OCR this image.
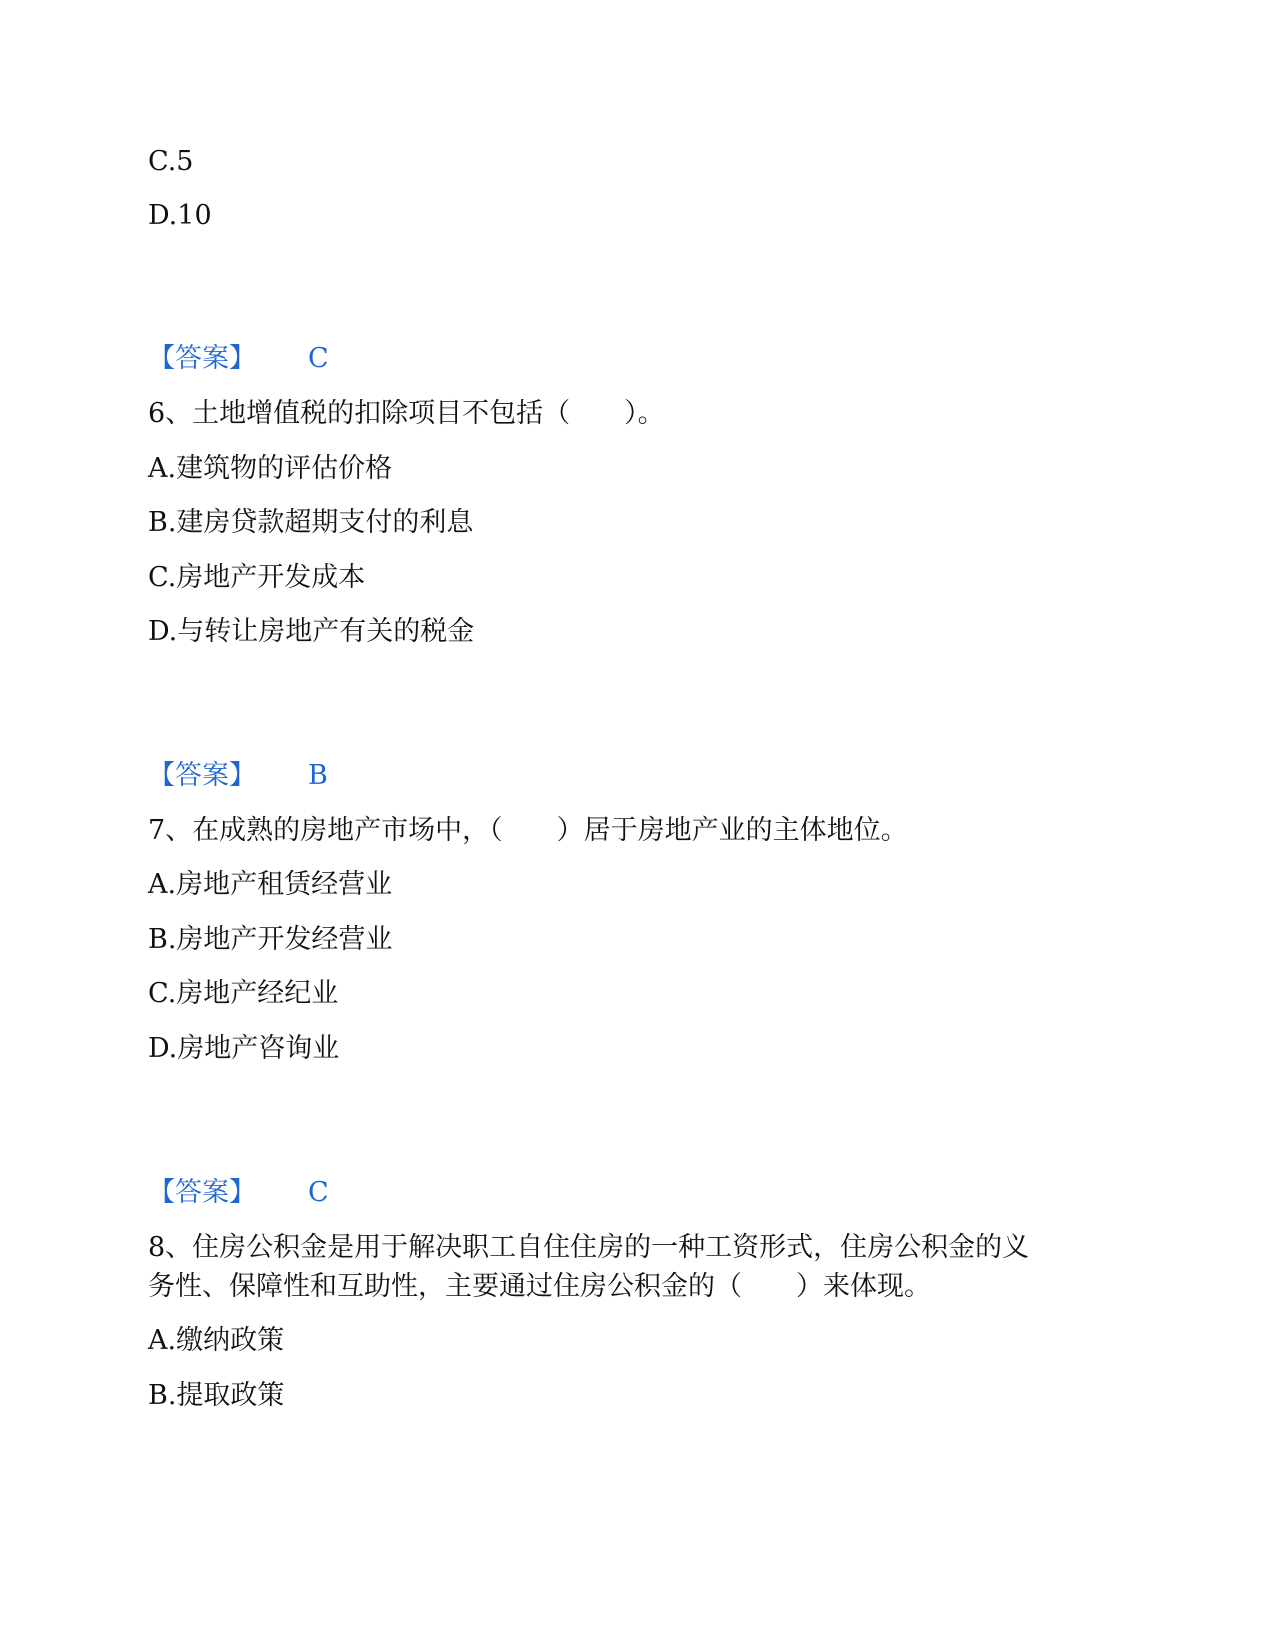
C.5
D.10
【答案】 C
6、土地增值税的扣除项目不包括（　　）。
A.建筑物的评估价格
B.建房贷款超期支付的利息
C.房地产开发成本
D.与转让房地产有关的税金
【答案】 B
7、在成熟的房地产市场中，（　　）居于房地产业的主体地位。
A.房地产租赁经营业
B.房地产开发经营业
C.房地产经纪业
D.房地产咨询业
【答案】 C
8、住房公积金是用于解决职工自住住房的一种工资形式，住房公积金的义
务性、保障性和互助性，主要通过住房公积金的（　　）来体现。
A.缴纳政策
B.提取政策
